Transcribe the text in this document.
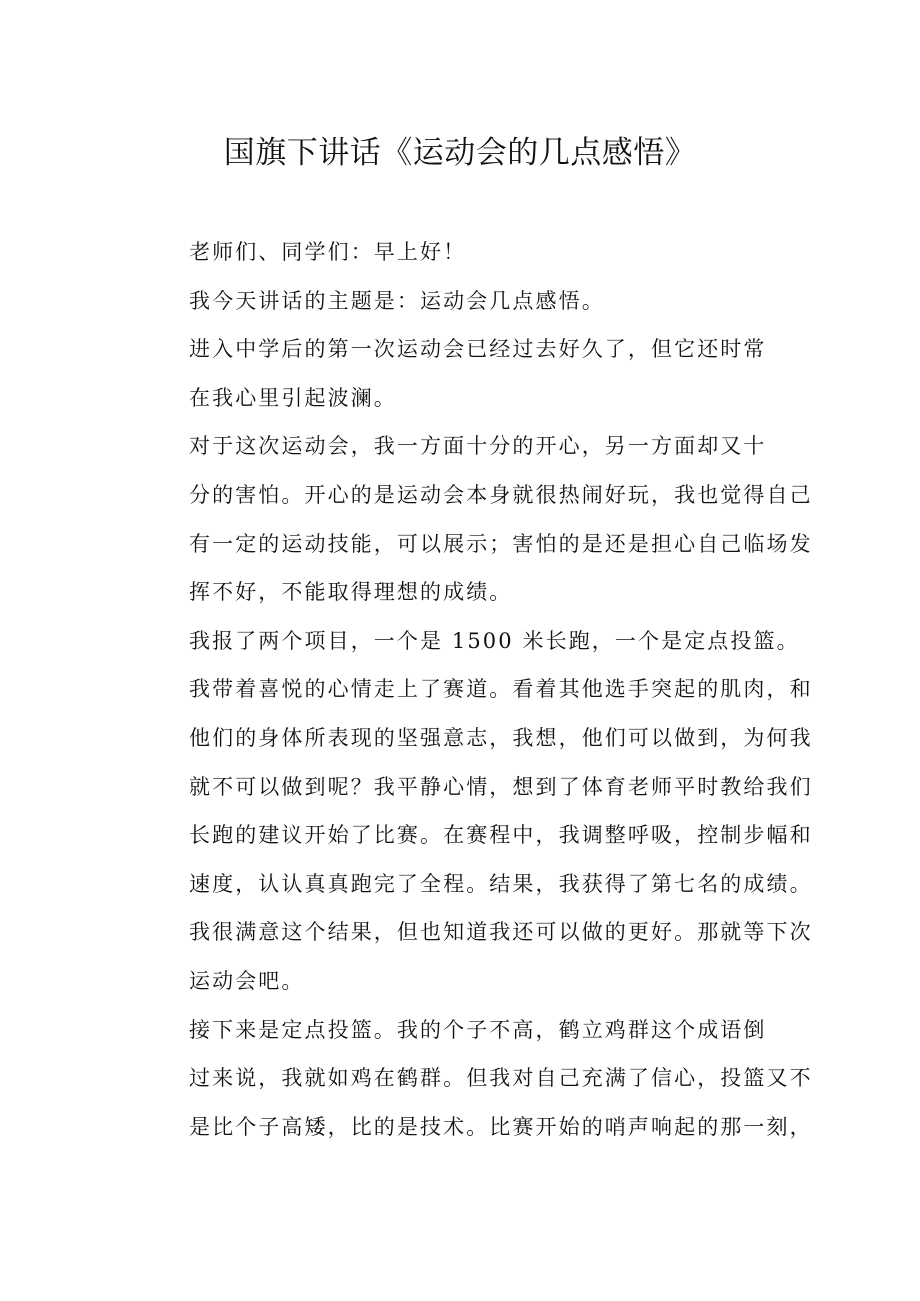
国旗下讲话《运动会的几点感悟》

老师们、同学们：早上好！

我今天讲话的主题是：运动会几点感悟。

进入中学后的第一次运动会已经过去好久了，但它还时常
在我心里引起波澜。

对于这次运动会，我一方面十分的开心，另一方面却又十
分的害怕。开心的是运动会本身就很热闹好玩，我也觉得自己
有一定的运动技能，可以展示；害怕的是还是担心自己临场发
挥不好，不能取得理想的成绩。

我报了两个项目，一个是 1500 米长跑，一个是定点投篮。
我带着喜悦的心情走上了赛道。看着其他选手突起的肌肉，和
他们的身体所表现的坚强意志，我想，他们可以做到，为何我
就不可以做到呢？我平静心情，想到了体育老师平时教给我们
长跑的建议开始了比赛。在赛程中，我调整呼吸，控制步幅和
速度，认认真真跑完了全程。结果，我获得了第七名的成绩。
我很满意这个结果，但也知道我还可以做的更好。那就等下次
运动会吧。

接下来是定点投篮。我的个子不高，鹤立鸡群这个成语倒
过来说，我就如鸡在鹤群。但我对自己充满了信心，投篮又不
是比个子高矮，比的是技术。比赛开始的哨声响起的那一刻，
